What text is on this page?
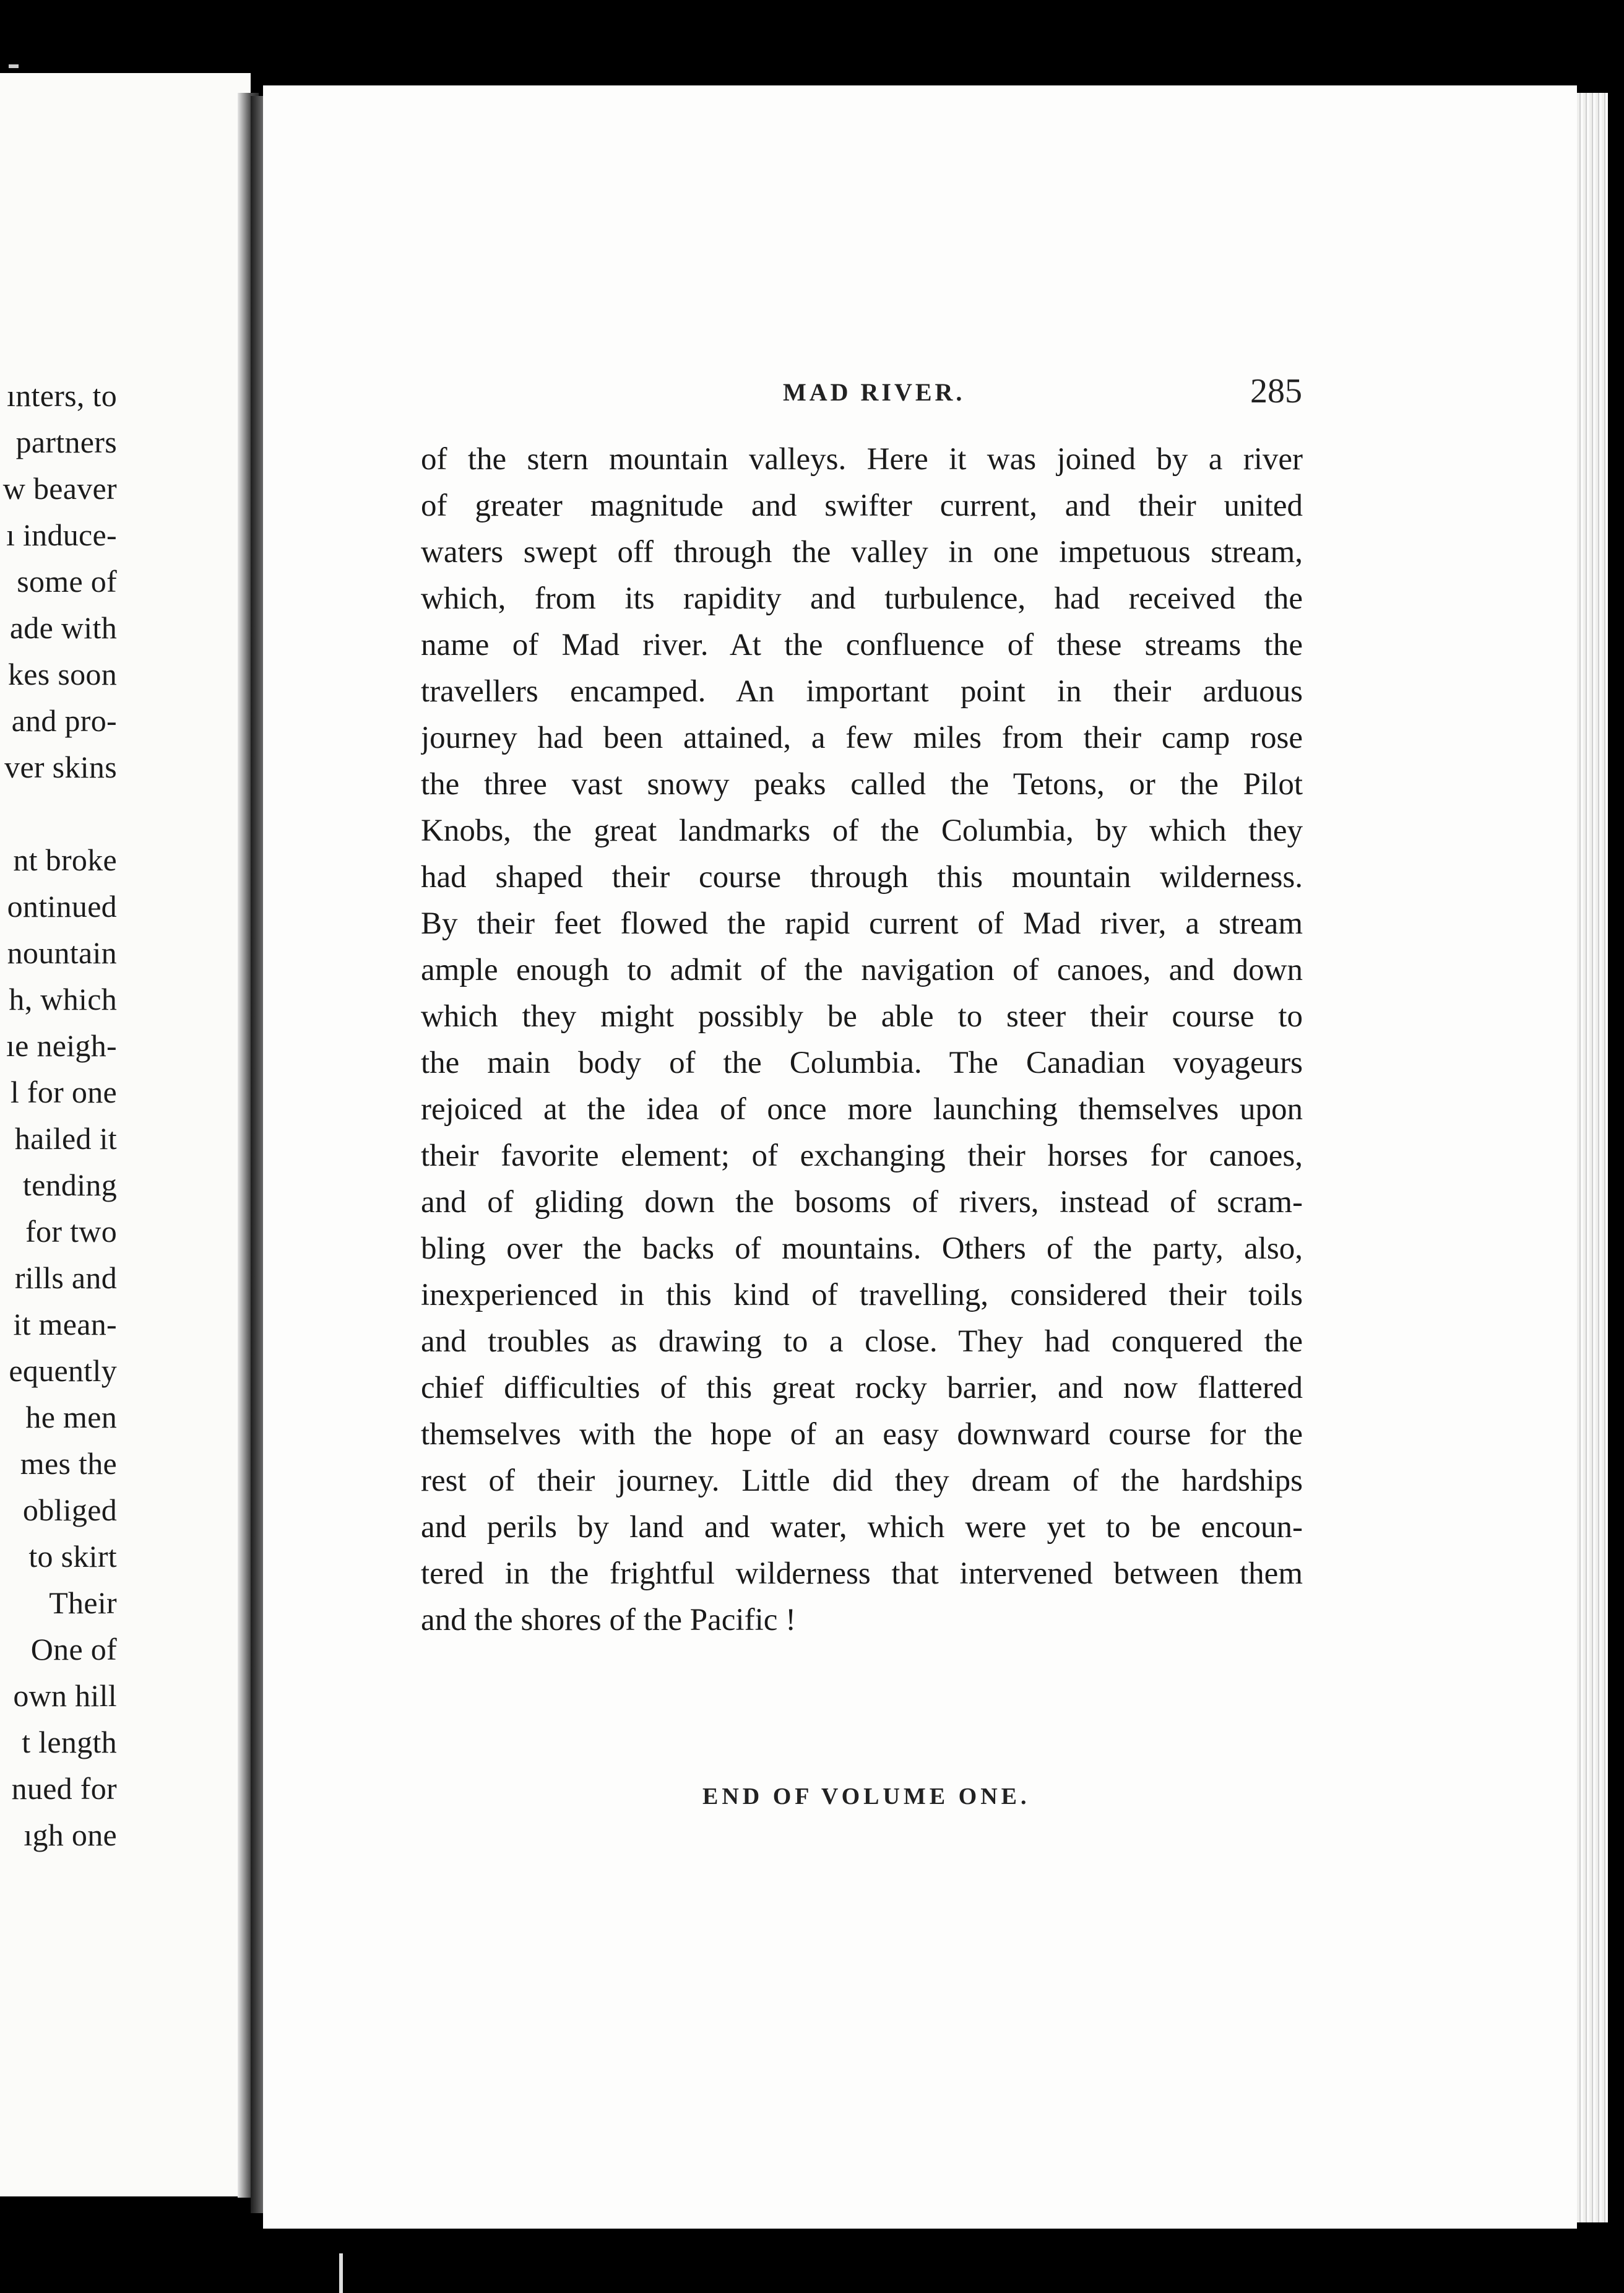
ınters, to
partners
w beaver
ı induce-
some of
ade with
kes soon
and pro-
ver skins
nt broke
ontinued
nountain
h, which
ıe neigh-
l for one
hailed it
tending
for two
rills and
it mean-
equently
he men
mes the
obliged
to skirt
Their
One of
own hill
t length
nued for
ıgh one
MAD RIVER.	285
of the stern mountain valleys. Here it was joined by a river
of greater magnitude and swifter current, and their united
waters swept off through the valley in one impetuous stream,
which, from its rapidity and turbulence, had received the
name of Mad river. At the confluence of these streams the
travellers encamped. An important point in their arduous
journey had been attained, a few miles from their camp rose
the three vast snowy peaks called the Tetons, or the Pilot
Knobs, the great landmarks of the Columbia, by which they
had shaped their course through this mountain wilderness.
By their feet flowed the rapid current of Mad river, a stream
ample enough to admit of the navigation of canoes, and down
which they might possibly be able to steer their course to
the main body of the Columbia. The Canadian voyageurs
rejoiced at the idea of once more launching themselves upon
their favorite element; of exchanging their horses for canoes,
and of gliding down the bosoms of rivers, instead of scram-
bling over the backs of mountains. Others of the party, also,
inexperienced in this kind of travelling, considered their toils
and troubles as drawing to a close. They had conquered the
chief difficulties of this great rocky barrier, and now flattered
themselves with the hope of an easy downward course for the
rest of their journey. Little did they dream of the hardships
and perils by land and water, which were yet to be encoun-
tered in the frightful wilderness that intervened between them
and the shores of the Pacific !
END OF VOLUME ONE.
